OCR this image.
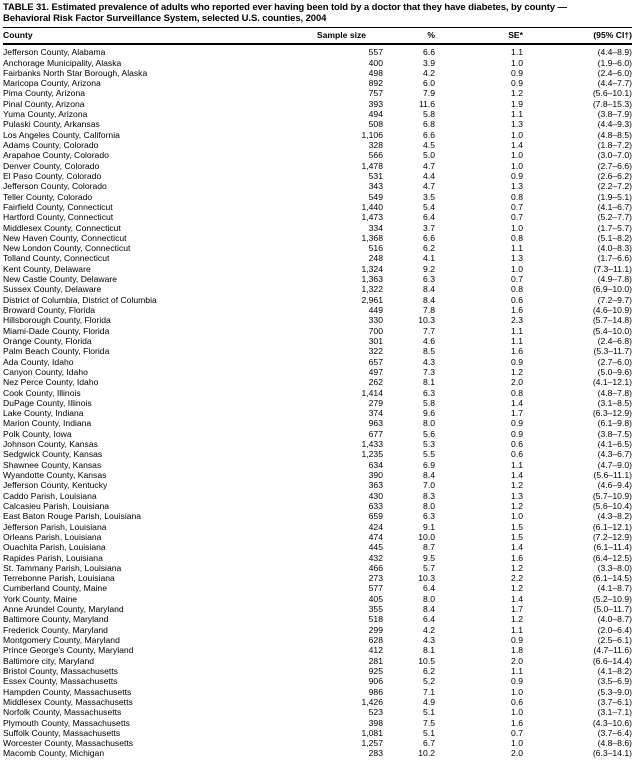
TABLE 31. Estimated prevalence of adults who reported ever having been told by a doctor that they have diabetes, by county —
Behavioral Risk Factor Surveillance System, selected U.S. counties, 2004
County	Sample size	%	SE*	(95% CI†)
Jefferson County, Alabama	557	6.6	1.1	(4.4–8.9)
Anchorage Municipality, Alaska	400	3.9	1.0	(1.9–6.0)
Fairbanks North Star Borough, Alaska	498	4.2	0.9	(2.4–6.0)
Maricopa County, Arizona	892	6.0	0.9	(4.4–7.7)
Pima County, Arizona	757	7.9	1.2	(5.6–10.1)
Pinal County, Arizona	393	11.6	1.9	(7.8–15.3)
Yuma County, Arizona	494	5.8	1.1	(3.8–7.9)
Pulaski County, Arkansas	508	6.8	1.3	(4.4–9.3)
Los Angeles County, California	1,106	6.6	1.0	(4.8–8.5)
Adams County, Colorado	328	4.5	1.4	(1.8–7.2)
Arapahoe County, Colorado	566	5.0	1.0	(3.0–7.0)
Denver County, Colorado	1,478	4.7	1.0	(2.7–6.6)
El Paso County, Colorado	531	4.4	0.9	(2.6–6.2)
Jefferson County, Colorado	343	4.7	1.3	(2.2–7.2)
Teller County, Colorado	549	3.5	0.8	(1.9–5.1)
Fairfield County, Connecticut	1,440	5.4	0.7	(4.1–6.7)
Hartford County, Connecticut	1,473	6.4	0.7	(5.2–7.7)
Middlesex County, Connecticut	334	3.7	1.0	(1.7–5.7)
New Haven County, Connecticut	1,368	6.6	0.8	(5.1–8.2)
New London County, Connecticut	516	6.2	1.1	(4.0–8.3)
Tolland County, Connecticut	248	4.1	1.3	(1.7–6.6)
Kent County, Delaware	1,324	9.2	1.0	(7.3–11.1)
New Castle County, Delaware	1,363	6.3	0.7	(4.9–7.8)
Sussex County, Delaware	1,322	8.4	0.8	(6.9–10.0)
District of Columbia, District of Columbia	2,961	8.4	0.6	(7.2–9.7)
Broward County, Florida	449	7.8	1.6	(4.6–10.9)
Hillsborough County, Florida	330	10.3	2.3	(5.7–14.8)
Miami-Dade County, Florida	700	7.7	1.1	(5.4–10.0)
Orange County, Florida	301	4.6	1.1	(2.4–6.8)
Palm Beach County, Florida	322	8.5	1.6	(5.3–11.7)
Ada County, Idaho	657	4.3	0.9	(2.7–6.0)
Canyon County, Idaho	497	7.3	1.2	(5.0–9.6)
Nez Perce County, Idaho	262	8.1	2.0	(4.1–12.1)
Cook County, Illinois	1,414	6.3	0.8	(4.8–7.8)
DuPage County, Illinois	279	5.8	1.4	(3.1–8.5)
Lake County, Indiana	374	9.6	1.7	(6.3–12.9)
Marion County, Indiana	963	8.0	0.9	(6.1–9.8)
Polk County, Iowa	677	5.6	0.9	(3.8–7.5)
Johnson County, Kansas	1,433	5.3	0.6	(4.1–6.5)
Sedgwick County, Kansas	1,235	5.5	0.6	(4.3–6.7)
Shawnee County, Kansas	634	6.9	1.1	(4.7–9.0)
Wyandotte County, Kansas	390	8.4	1.4	(5.6–11.1)
Jefferson County, Kentucky	363	7.0	1.2	(4.6–9.4)
Caddo Parish, Louisiana	430	8.3	1.3	(5.7–10.9)
Calcasieu Parish, Louisiana	633	8.0	1.2	(5.6–10.4)
East Baton Rouge Parish, Louisiana	659	6.3	1.0	(4.3–8.2)
Jefferson Parish, Louisiana	424	9.1	1.5	(6.1–12.1)
Orleans Parish, Louisiana	474	10.0	1.5	(7.2–12.9)
Ouachita Parish, Louisiana	445	8.7	1.4	(6.1–11.4)
Rapides Parish, Louisiana	432	9.5	1.6	(6.4–12.5)
St. Tammany Parish, Louisiana	466	5.7	1.2	(3.3–8.0)
Terrebonne Parish, Louisiana	273	10.3	2.2	(6.1–14.5)
Cumberland County, Maine	577	6.4	1.2	(4.1–8.7)
York County, Maine	405	8.0	1.4	(5.2–10.9)
Anne Arundel County, Maryland	355	8.4	1.7	(5.0–11.7)
Baltimore County, Maryland	518	6.4	1.2	(4.0–8.7)
Frederick County, Maryland	299	4.2	1.1	(2.0–6.4)
Montgomery County, Maryland	628	4.3	0.9	(2.5–6.1)
Prince George's County, Maryland	412	8.1	1.8	(4.7–11.6)
Baltimore city, Maryland	281	10.5	2.0	(6.6–14.4)
Bristol County, Massachusetts	925	6.2	1.1	(4.1–8.2)
Essex County, Massachusetts	906	5.2	0.9	(3.5–6.9)
Hampden County, Massachusetts	986	7.1	1.0	(5.3–9.0)
Middlesex County, Massachusetts	1,426	4.9	0.6	(3.7–6.1)
Norfolk County, Massachusetts	523	5.1	1.0	(3.1–7.1)
Plymouth County, Massachusetts	398	7.5	1.6	(4.3–10.6)
Suffolk County, Massachusetts	1,081	5.1	0.7	(3.7–6.4)
Worcester County, Massachusetts	1,257	6.7	1.0	(4.8–8.6)
Macomb County, Michigan	283	10.2	2.0	(6.3–14.1)
